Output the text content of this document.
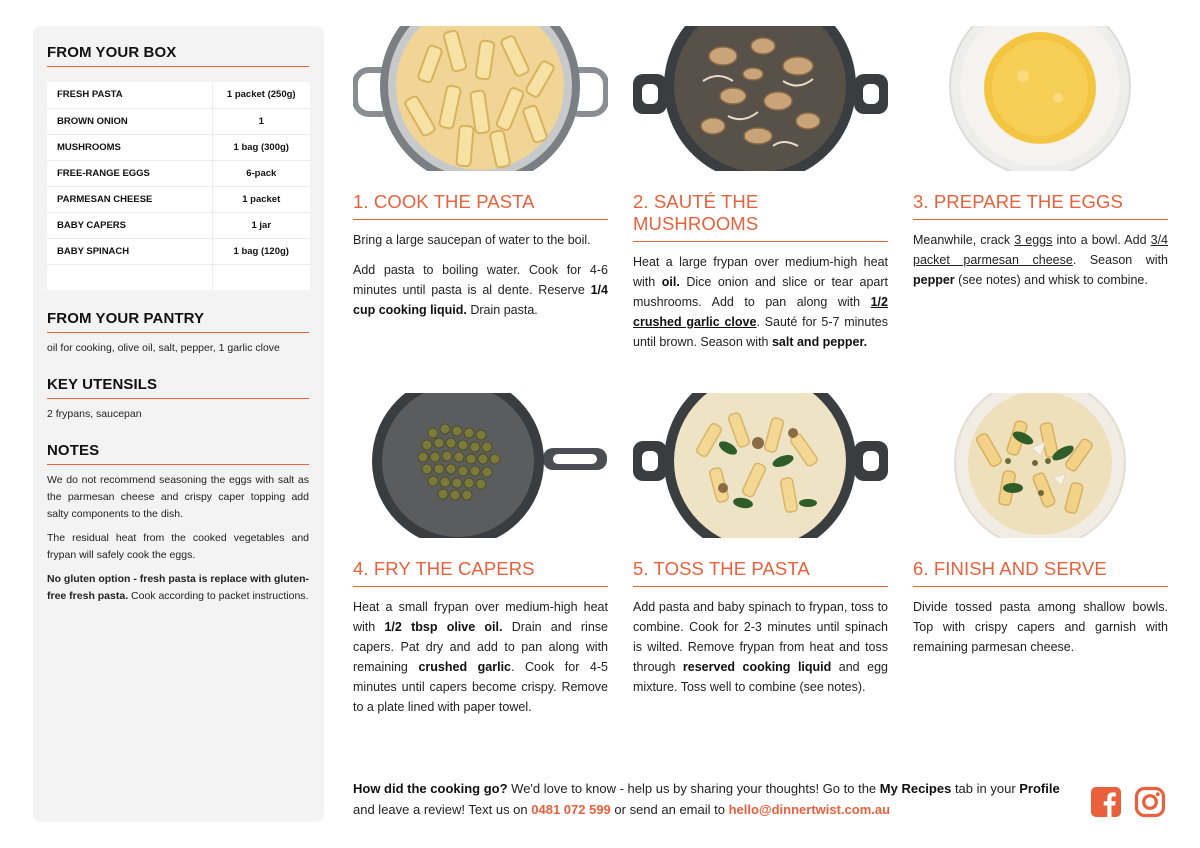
FROM YOUR BOX
FRESH PASTA	1 packet (250g)
BROWN ONION	1
MUSHROOMS	1 bag (300g)
FREE-RANGE EGGS	6-pack
PARMESAN CHEESE	1 packet
BABY CAPERS	1 jar
BABY SPINACH	1 bag (120g)

FROM YOUR PANTRY
oil for cooking, olive oil, salt, pepper, 1 garlic clove
KEY UTENSILS
2 frypans, saucepan
NOTES

We do not recommend seasoning the eggs with salt as the parmesan cheese and crispy caper topping add salty components to the dish.

The residual heat from the cooked vegetables and frypan will safely cook the eggs.

No gluten option - fresh pasta is replace with gluten-free fresh pasta. Cook according to packet instructions.

1. COOK THE PASTA

Bring a large saucepan of water to the boil.

Add pasta to boiling water. Cook for 4-6 minutes until pasta is al dente. Reserve 1/4 cup cooking liquid. Drain pasta.

2. SAUTÉ THE MUSHROOMS

Heat a large frypan over medium-high heat with oil. Dice onion and slice or tear apart mushrooms. Add to pan along with 1/2 crushed garlic clove. Sauté for 5-7 minutes until brown. Season with salt and pepper.

3. PREPARE THE EGGS

Meanwhile, crack 3 eggs into a bowl. Add 3/4 packet parmesan cheese. Season with pepper (see notes) and whisk to combine.

4. FRY THE CAPERS

Heat a small frypan over medium-high heat with 1/2 tbsp olive oil. Drain and rinse capers. Pat dry and add to pan along with remaining crushed garlic. Cook for 4-5 minutes until capers become crispy. Remove to a plate lined with paper towel.

5. TOSS THE PASTA

Add pasta and baby spinach to frypan, toss to combine. Cook for 2-3 minutes until spinach is wilted. Remove frypan from heat and toss through reserved cooking liquid and egg mixture. Toss well to combine (see notes).

6. FINISH AND SERVE

Divide tossed pasta among shallow bowls. Top with crispy capers and garnish with remaining parmesan cheese.

How did the cooking go? We'd love to know - help us by sharing your thoughts! Go to the My Recipes tab in your Profile and leave a review! Text us on 0481 072 599 or send an email to hello@dinnertwist.com.au
